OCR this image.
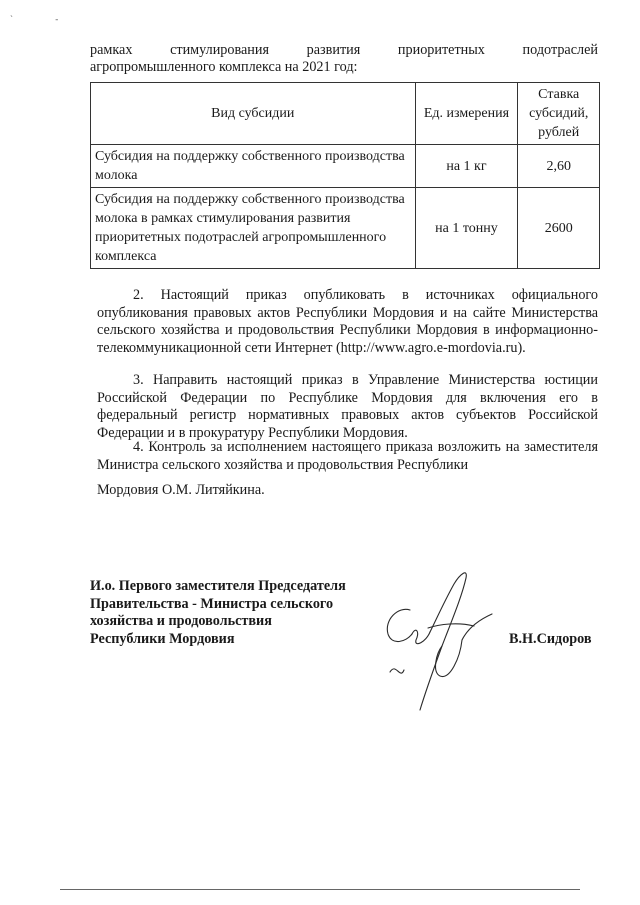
` -
рамках стимулирования развития приоритетных подотраслей
агропромышленного комплекса на 2021 год:
Вид субсидии	Ед. измерения	Ставка субсидий, рублей
Субсидия на поддержку собственного производства молока	на 1 кг	2,60
Субсидия на поддержку собственного производства молока в рамках стимулирования развития приоритетных подотраслей агропромышленного комплекса	на 1 тонну	2600
2. Настоящий приказ опубликовать в источниках официального опубликования правовых актов Республики Мордовия и на сайте Министерства сельского хозяйства и продовольствия Республики Мордовия в информационно-телекоммуникационной сети Интернет (http://www.agro.e-mordovia.ru).
3. Направить настоящий приказ в Управление Министерства юстиции Российской Федерации по Республике Мордовия для включения его в федеральный регистр нормативных правовых актов субъектов Российской Федерации и в прокуратуру Республики Мордовия.
4. Контроль за исполнением настоящего приказа возложить на заместителя Министра сельского хозяйства и продовольствия Республики
Мордовия О.М. Литяйкина.
И.о. Первого заместителя Председателя
Правительства - Министра сельского
хозяйства и продовольствия
Республики Мордовия	В.Н.Сидоров
